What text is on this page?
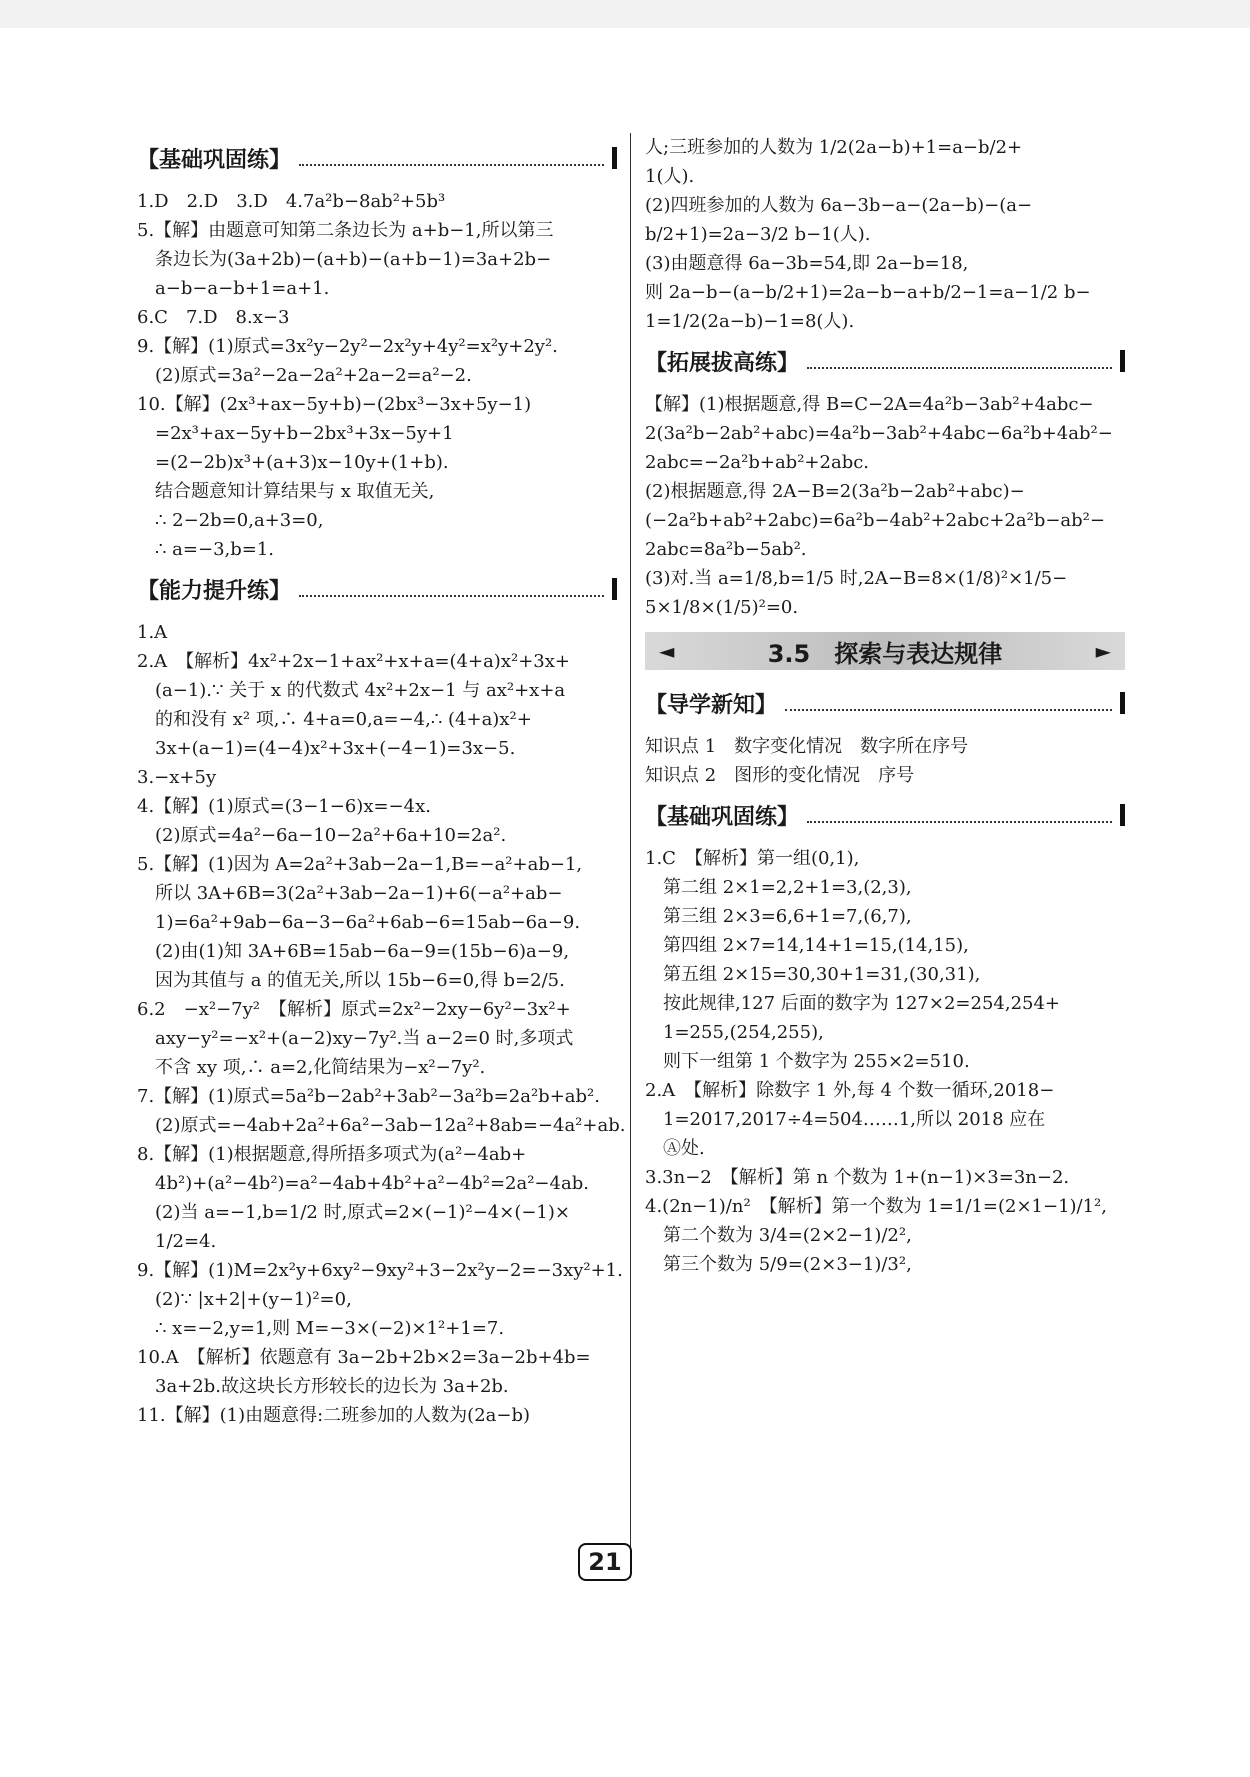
【基础巩固练】
1.D　2.D　3.D　4.7a²b−8ab²+5b³
5.【解】由题意可知第二条边长为 a+b−1,所以第三
条边长为(3a+2b)−(a+b)−(a+b−1)=3a+2b−
a−b−a−b+1=a+1.
6.C　7.D　8.x−3
9.【解】(1)原式=3x²y−2y²−2x²y+4y²=x²y+2y².
(2)原式=3a²−2a−2a²+2a−2=a²−2.
10.【解】(2x³+ax−5y+b)−(2bx³−3x+5y−1)
=2x³+ax−5y+b−2bx³+3x−5y+1
=(2−2b)x³+(a+3)x−10y+(1+b).
结合题意知计算结果与 x 取值无关,
∴ 2−2b=0,a+3=0,
∴ a=−3,b=1.
【能力提升练】
1.A
2.A　【解析】4x²+2x−1+ax²+x+a=(4+a)x²+3x+
(a−1).∵ 关于 x 的代数式 4x²+2x−1 与 ax²+x+a
的和没有 x² 项,∴ 4+a=0,a=−4,∴ (4+a)x²+
3x+(a−1)=(4−4)x²+3x+(−4−1)=3x−5.
3.−x+5y
4.【解】(1)原式=(3−1−6)x=−4x.
(2)原式=4a²−6a−10−2a²+6a+10=2a².
5.【解】(1)因为 A=2a²+3ab−2a−1,B=−a²+ab−1,
所以 3A+6B=3(2a²+3ab−2a−1)+6(−a²+ab−
1)=6a²+9ab−6a−3−6a²+6ab−6=15ab−6a−9.
(2)由(1)知 3A+6B=15ab−6a−9=(15b−6)a−9,
因为其值与 a 的值无关,所以 15b−6=0,得 b=2/5.
6.2　−x²−7y²　【解析】原式=2x²−2xy−6y²−3x²+
axy−y²=−x²+(a−2)xy−7y².当 a−2=0 时,多项式
不含 xy 项,∴ a=2,化简结果为−x²−7y².
7.【解】(1)原式=5a²b−2ab²+3ab²−3a²b=2a²b+ab².
(2)原式=−4ab+2a²+6a²−3ab−12a²+8ab=−4a²+ab.
8.【解】(1)根据题意,得所捂多项式为(a²−4ab+
4b²)+(a²−4b²)=a²−4ab+4b²+a²−4b²=2a²−4ab.
(2)当 a=−1,b=1/2 时,原式=2×(−1)²−4×(−1)×
1/2=4.
9.【解】(1)M=2x²y+6xy²−9xy²+3−2x²y−2=−3xy²+1.
(2)∵ |x+2|+(y−1)²=0,
∴ x=−2,y=1,则 M=−3×(−2)×1²+1=7.
10.A　【解析】依题意有 3a−2b+2b×2=3a−2b+4b=
3a+2b.故这块长方形较长的边长为 3a+2b.
11.【解】(1)由题意得:二班参加的人数为(2a−b)
人;三班参加的人数为 1/2(2a−b)+1=a−b/2+
1(人).
(2)四班参加的人数为 6a−3b−a−(2a−b)−(a−
b/2+1)=2a−3/2 b−1(人).
(3)由题意得 6a−3b=54,即 2a−b=18,
则 2a−b−(a−b/2+1)=2a−b−a+b/2−1=a−1/2 b−
1=1/2(2a−b)−1=8(人).
【拓展拔高练】
【解】(1)根据题意,得 B=C−2A=4a²b−3ab²+4abc−
2(3a²b−2ab²+abc)=4a²b−3ab²+4abc−6a²b+4ab²−
2abc=−2a²b+ab²+2abc.
(2)根据题意,得 2A−B=2(3a²b−2ab²+abc)−
(−2a²b+ab²+2abc)=6a²b−4ab²+2abc+2a²b−ab²−
2abc=8a²b−5ab².
(3)对.当 a=1/8,b=1/5 时,2A−B=8×(1/8)²×1/5−
5×1/8×(1/5)²=0.
◄	3.5　探索与表达规律	►
【导学新知】
知识点 1　数字变化情况　数字所在序号
知识点 2　图形的变化情况　序号
【基础巩固练】
1.C　【解析】第一组(0,1),
第二组 2×1=2,2+1=3,(2,3),
第三组 2×3=6,6+1=7,(6,7),
第四组 2×7=14,14+1=15,(14,15),
第五组 2×15=30,30+1=31,(30,31),
按此规律,127 后面的数字为 127×2=254,254+
1=255,(254,255),
则下一组第 1 个数字为 255×2=510.
2.A　【解析】除数字 1 外,每 4 个数一循环,2018−
1=2017,2017÷4=504……1,所以 2018 应在
Ⓐ处.
3.3n−2　【解析】第 n 个数为 1+(n−1)×3=3n−2.
4.(2n−1)/n²　【解析】第一个数为 1=1/1=(2×1−1)/1²,
第二个数为 3/4=(2×2−1)/2²,
第三个数为 5/9=(2×3−1)/3²,
21
